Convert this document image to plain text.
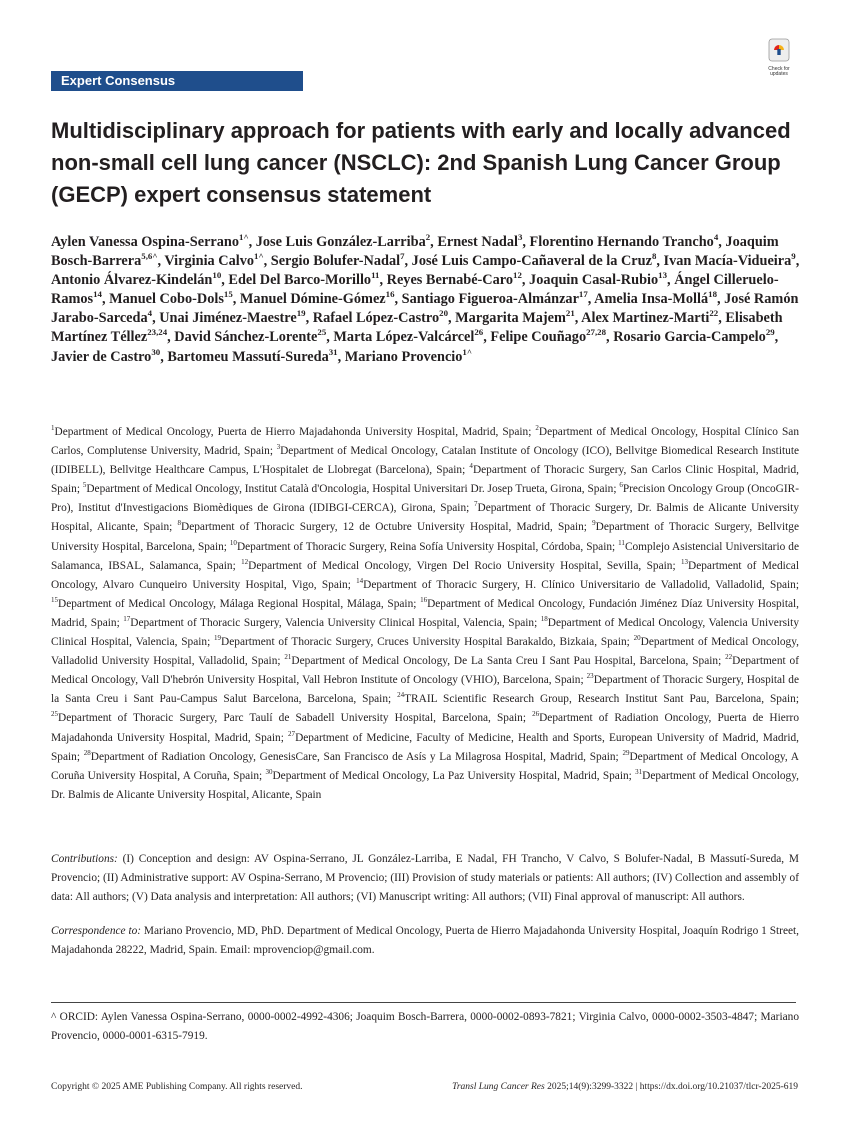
Expert Consensus
Check for
updates
Multidisciplinary approach for patients with early and locally advanced non-small cell lung cancer (NSCLC): 2nd Spanish Lung Cancer Group (GECP) expert consensus statement
Aylen Vanessa Ospina-Serrano$^{1\^{}}$, Jose Luis González-Larriba$^2$, Ernest Nadal$^3$, Florentino Hernando Trancho$^4$, Joaquim Bosch-Barrera$^{5,6\^{}}$, Virginia Calvo$^{1\^{}}$, Sergio Bolufer-Nadal$^7$, José Luis Campo-Cañaveral de la Cruz$^8$, Ivan Macía-Vidueira$^9$, Antonio Álvarez-Kindelán$^{10}$, Edel Del Barco-Morillo$^{11}$, Reyes Bernabé-Caro$^{12}$, Joaquin Casal-Rubio$^{13}$, Ángel Cilleruelo-Ramos$^{14}$, Manuel Cobo-Dols$^{15}$, Manuel Dómine-Gómez$^{16}$, Santiago Figueroa-Almánzar$^{17}$, Amelia Insa-Mollá$^{18}$, José Ramón Jarabo-Sarceda$^4$, Unai Jiménez-Maestre$^{19}$, Rafael López-Castro$^{20}$, Margarita Majem$^{21}$, Alex Martinez-Marti$^{22}$, Elisabeth Martínez Téllez$^{23,24}$, David Sánchez-Lorente$^{25}$, Marta López-Valcárcel$^{26}$, Felipe Couñago$^{27,28}$, Rosario Garcia-Campelo$^{29}$, Javier de Castro$^{30}$, Bartomeu Massutí-Sureda$^{31}$, Mariano Provencio$^{1\^{}}$
$^1$Department of Medical Oncology, Puerta de Hierro Majadahonda University Hospital, Madrid, Spain; $^2$Department of Medical Oncology, Hospital Clínico San Carlos, Complutense University, Madrid, Spain; $^3$Department of Medical Oncology, Catalan Institute of Oncology (ICO), Bellvitge Biomedical Research Institute (IDIBELL), Bellvitge Healthcare Campus, L'Hospitalet de Llobregat (Barcelona), Spain; $^4$Department of Thoracic Surgery, San Carlos Clinic Hospital, Madrid, Spain; $^5$Department of Medical Oncology, Institut Català d'Oncologia, Hospital Universitari Dr. Josep Trueta, Girona, Spain; $^6$Precision Oncology Group (OncoGIR-Pro), Institut d'Investigacions Biomèdiques de Girona (IDIBGI-CERCA), Girona, Spain; $^7$Department of Thoracic Surgery, Dr. Balmis de Alicante University Hospital, Alicante, Spain; $^8$Department of Thoracic Surgery, 12 de Octubre University Hospital, Madrid, Spain; $^9$Department of Thoracic Surgery, Bellvitge University Hospital, Barcelona, Spain; $^{10}$Department of Thoracic Surgery, Reina Sofía University Hospital, Córdoba, Spain; $^{11}$Complejo Asistencial Universitario de Salamanca, IBSAL, Salamanca, Spain; $^{12}$Department of Medical Oncology, Virgen Del Rocio University Hospital, Sevilla, Spain; $^{13}$Department of Medical Oncology, Alvaro Cunqueiro University Hospital, Vigo, Spain; $^{14}$Department of Thoracic Surgery, H. Clínico Universitario de Valladolid, Valladolid, Spain; $^{15}$Department of Medical Oncology, Málaga Regional Hospital, Málaga, Spain; $^{16}$Department of Medical Oncology, Fundación Jiménez Díaz University Hospital, Madrid, Spain; $^{17}$Department of Thoracic Surgery, Valencia University Clinical Hospital, Valencia, Spain; $^{18}$Department of Medical Oncology, Valencia University Clinical Hospital, Valencia, Spain; $^{19}$Department of Thoracic Surgery, Cruces University Hospital Barakaldo, Bizkaia, Spain; $^{20}$Department of Medical Oncology, Valladolid University Hospital, Valladolid, Spain; $^{21}$Department of Medical Oncology, De La Santa Creu I Sant Pau Hospital, Barcelona, Spain; $^{22}$Department of Medical Oncology, Vall D'hebrón University Hospital, Vall Hebron Institute of Oncology (VHIO), Barcelona, Spain; $^{23}$Department of Thoracic Surgery, Hospital de la Santa Creu i Sant Pau-Campus Salut Barcelona, Barcelona, Spain; $^{24}$TRAIL Scientific Research Group, Research Institut Sant Pau, Barcelona, Spain; $^{25}$Department of Thoracic Surgery, Parc Taulí de Sabadell University Hospital, Barcelona, Spain; $^{26}$Department of Radiation Oncology, Puerta de Hierro Majadahonda University Hospital, Madrid, Spain; $^{27}$Department of Medicine, Faculty of Medicine, Health and Sports, European University of Madrid, Madrid, Spain; $^{28}$Department of Radiation Oncology, GenesisCare, San Francisco de Asís y La Milagrosa Hospital, Madrid, Spain; $^{29}$Department of Medical Oncology, A Coruña University Hospital, A Coruña, Spain; $^{30}$Department of Medical Oncology, La Paz University Hospital, Madrid, Spain; $^{31}$Department of Medical Oncology, Dr. Balmis de Alicante University Hospital, Alicante, Spain
Contributions: (I) Conception and design: AV Ospina-Serrano, JL González-Larriba, E Nadal, FH Trancho, V Calvo, S Bolufer-Nadal, B Massutí-Sureda, M Provencio; (II) Administrative support: AV Ospina-Serrano, M Provencio; (III) Provision of study materials or patients: All authors; (IV) Collection and assembly of data: All authors; (V) Data analysis and interpretation: All authors; (VI) Manuscript writing: All authors; (VII) Final approval of manuscript: All authors.
Correspondence to: Mariano Provencio, MD, PhD. Department of Medical Oncology, Puerta de Hierro Majadahonda University Hospital, Joaquín Rodrigo 1 Street, Majadahonda 28222, Madrid, Spain. Email: mprovenciop@gmail.com.
^ ORCID: Aylen Vanessa Ospina-Serrano, 0000-0002-4992-4306; Joaquim Bosch-Barrera, 0000-0002-0893-7821; Virginia Calvo, 0000-0002-3503-4847; Mariano Provencio, 0000-0001-6315-7919.
Copyright © 2025 AME Publishing Company. All rights reserved.	Transl Lung Cancer Res 2025;14(9):3299-3322 | https://dx.doi.org/10.21037/tlcr-2025-619
